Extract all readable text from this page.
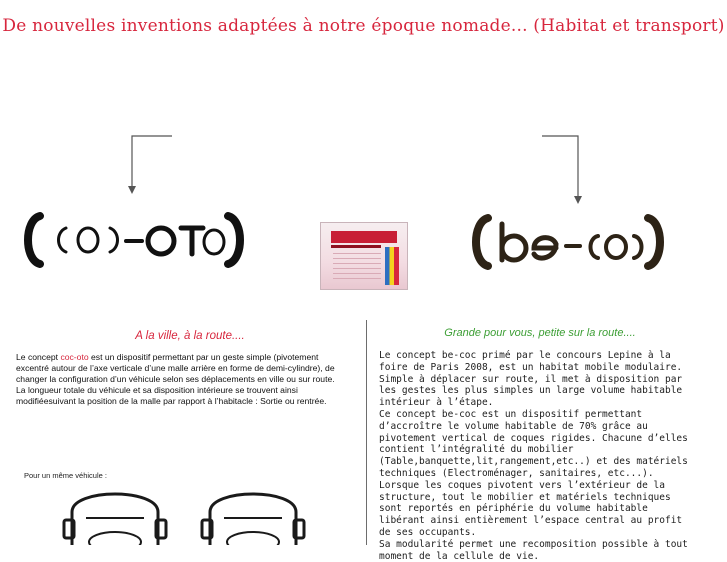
De nouvelles inventions adaptées à notre époque nomade... (Habitat et transport)
A la ville, à la route....

Le concept coc-oto est un dispositif permettant par un geste simple (pivotement excentré autour de l’axe verticale d’une malle arrière en forme de demi-cylindre), de changer la configuration d’un véhicule selon ses déplacements en ville ou sur route.

La longueur totale du véhicule et sa disposition intérieure se trouvent ainsi modifiéesuivant la position de la malle par rapport à l’habitacle : Sortie ou rentrée.

Pour un même véhicule :
Grande pour vous, petite sur la route....

Le concept be-coc primé par le concours Lepine à la foire de Paris 2008, est un habitat mobile modulaire. Simple à déplacer sur route, il met à disposition par les gestes les plus simples un large volume habitable intérieur à l’étape.

Ce concept be-coc est un dispositif permettant d’accroître le volume habitable de 70% grâce au pivotement vertical de coques rigides. Chacune d’elles contient l’intégralité du mobilier (Table,banquette,lit,rangement,etc..) et des matériels techniques (Electroménager, sanitaires, etc...).

Lorsque les coques pivotent vers l’extérieur de la structure, tout le mobilier et matériels techniques sont reportés en périphérie du volume habitable libérant ainsi entièrement l’espace central au profit de ses occupants.

Sa modularité permet une recomposition possible à tout moment de la cellule de vie.
